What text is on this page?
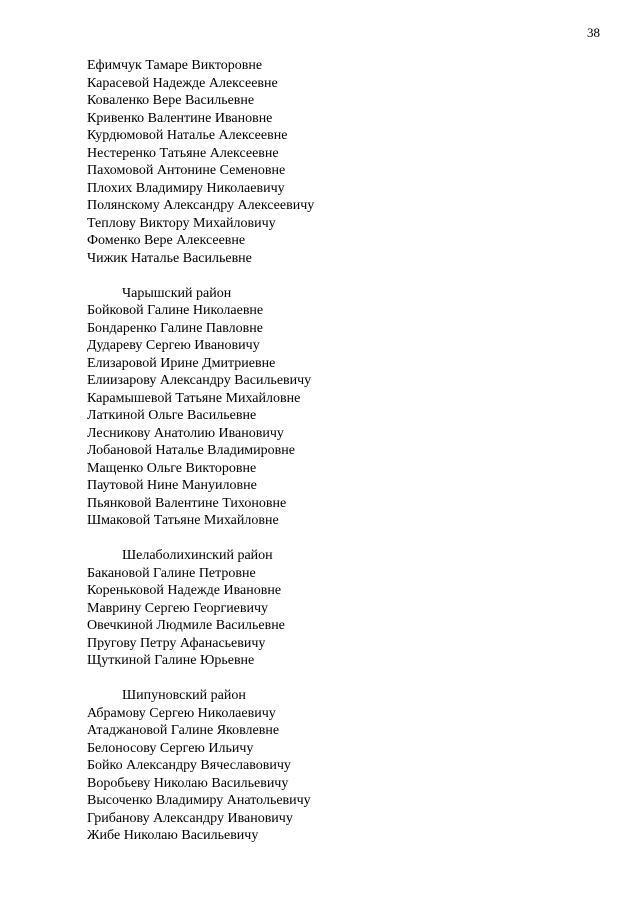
38
Ефимчук Тамаре Викторовне
Карасевой Надежде Алексеевне
Коваленко Вере Васильевне
Кривенко Валентине Ивановне
Курдюмовой Наталье Алексеевне
Нестеренко Татьяне Алексеевне
Пахомовой Антонине Семеновне
Плохих Владимиру Николаевичу
Полянскому Александру Алексеевичу
Теплову Виктору Михайловичу
Фоменко Вере Алексеевне
Чижик Наталье Васильевне
Чарышский район
Бойковой Галине Николаевне
Бондаренко Галине Павловне
Дудареву Сергею Ивановичу
Елизаровой Ирине Дмитриевне
Елиизарову Александру Васильевичу
Карамышевой Татьяне Михайловне
Латкиной Ольге Васильевне
Лесникову Анатолию Ивановичу
Лобановой Наталье Владимировне
Мащенко Ольге Викторовне
Паутовой Нине Мануиловне
Пьянковой Валентине Тихоновне
Шмаковой Татьяне Михайловне
Шелаболихинский район
Бакановой Галине Петровне
Кореньковой Надежде Ивановне
Маврину Сергею Георгиевичу
Овечкиной Людмиле Васильевне
Пругову Петру Афанасьевичу
Щуткиной Галине Юрьевне
Шипуновский район
Абрамову Сергею Николаевичу
Атаджановой Галине Яковлевне
Белоносову Сергею Ильичу
Бойко Александру Вячеславовичу
Воробьеву Николаю Васильевичу
Высоченко Владимиру Анатольевичу
Грибанову Александру Ивановичу
Жибе Николаю Васильевичу
